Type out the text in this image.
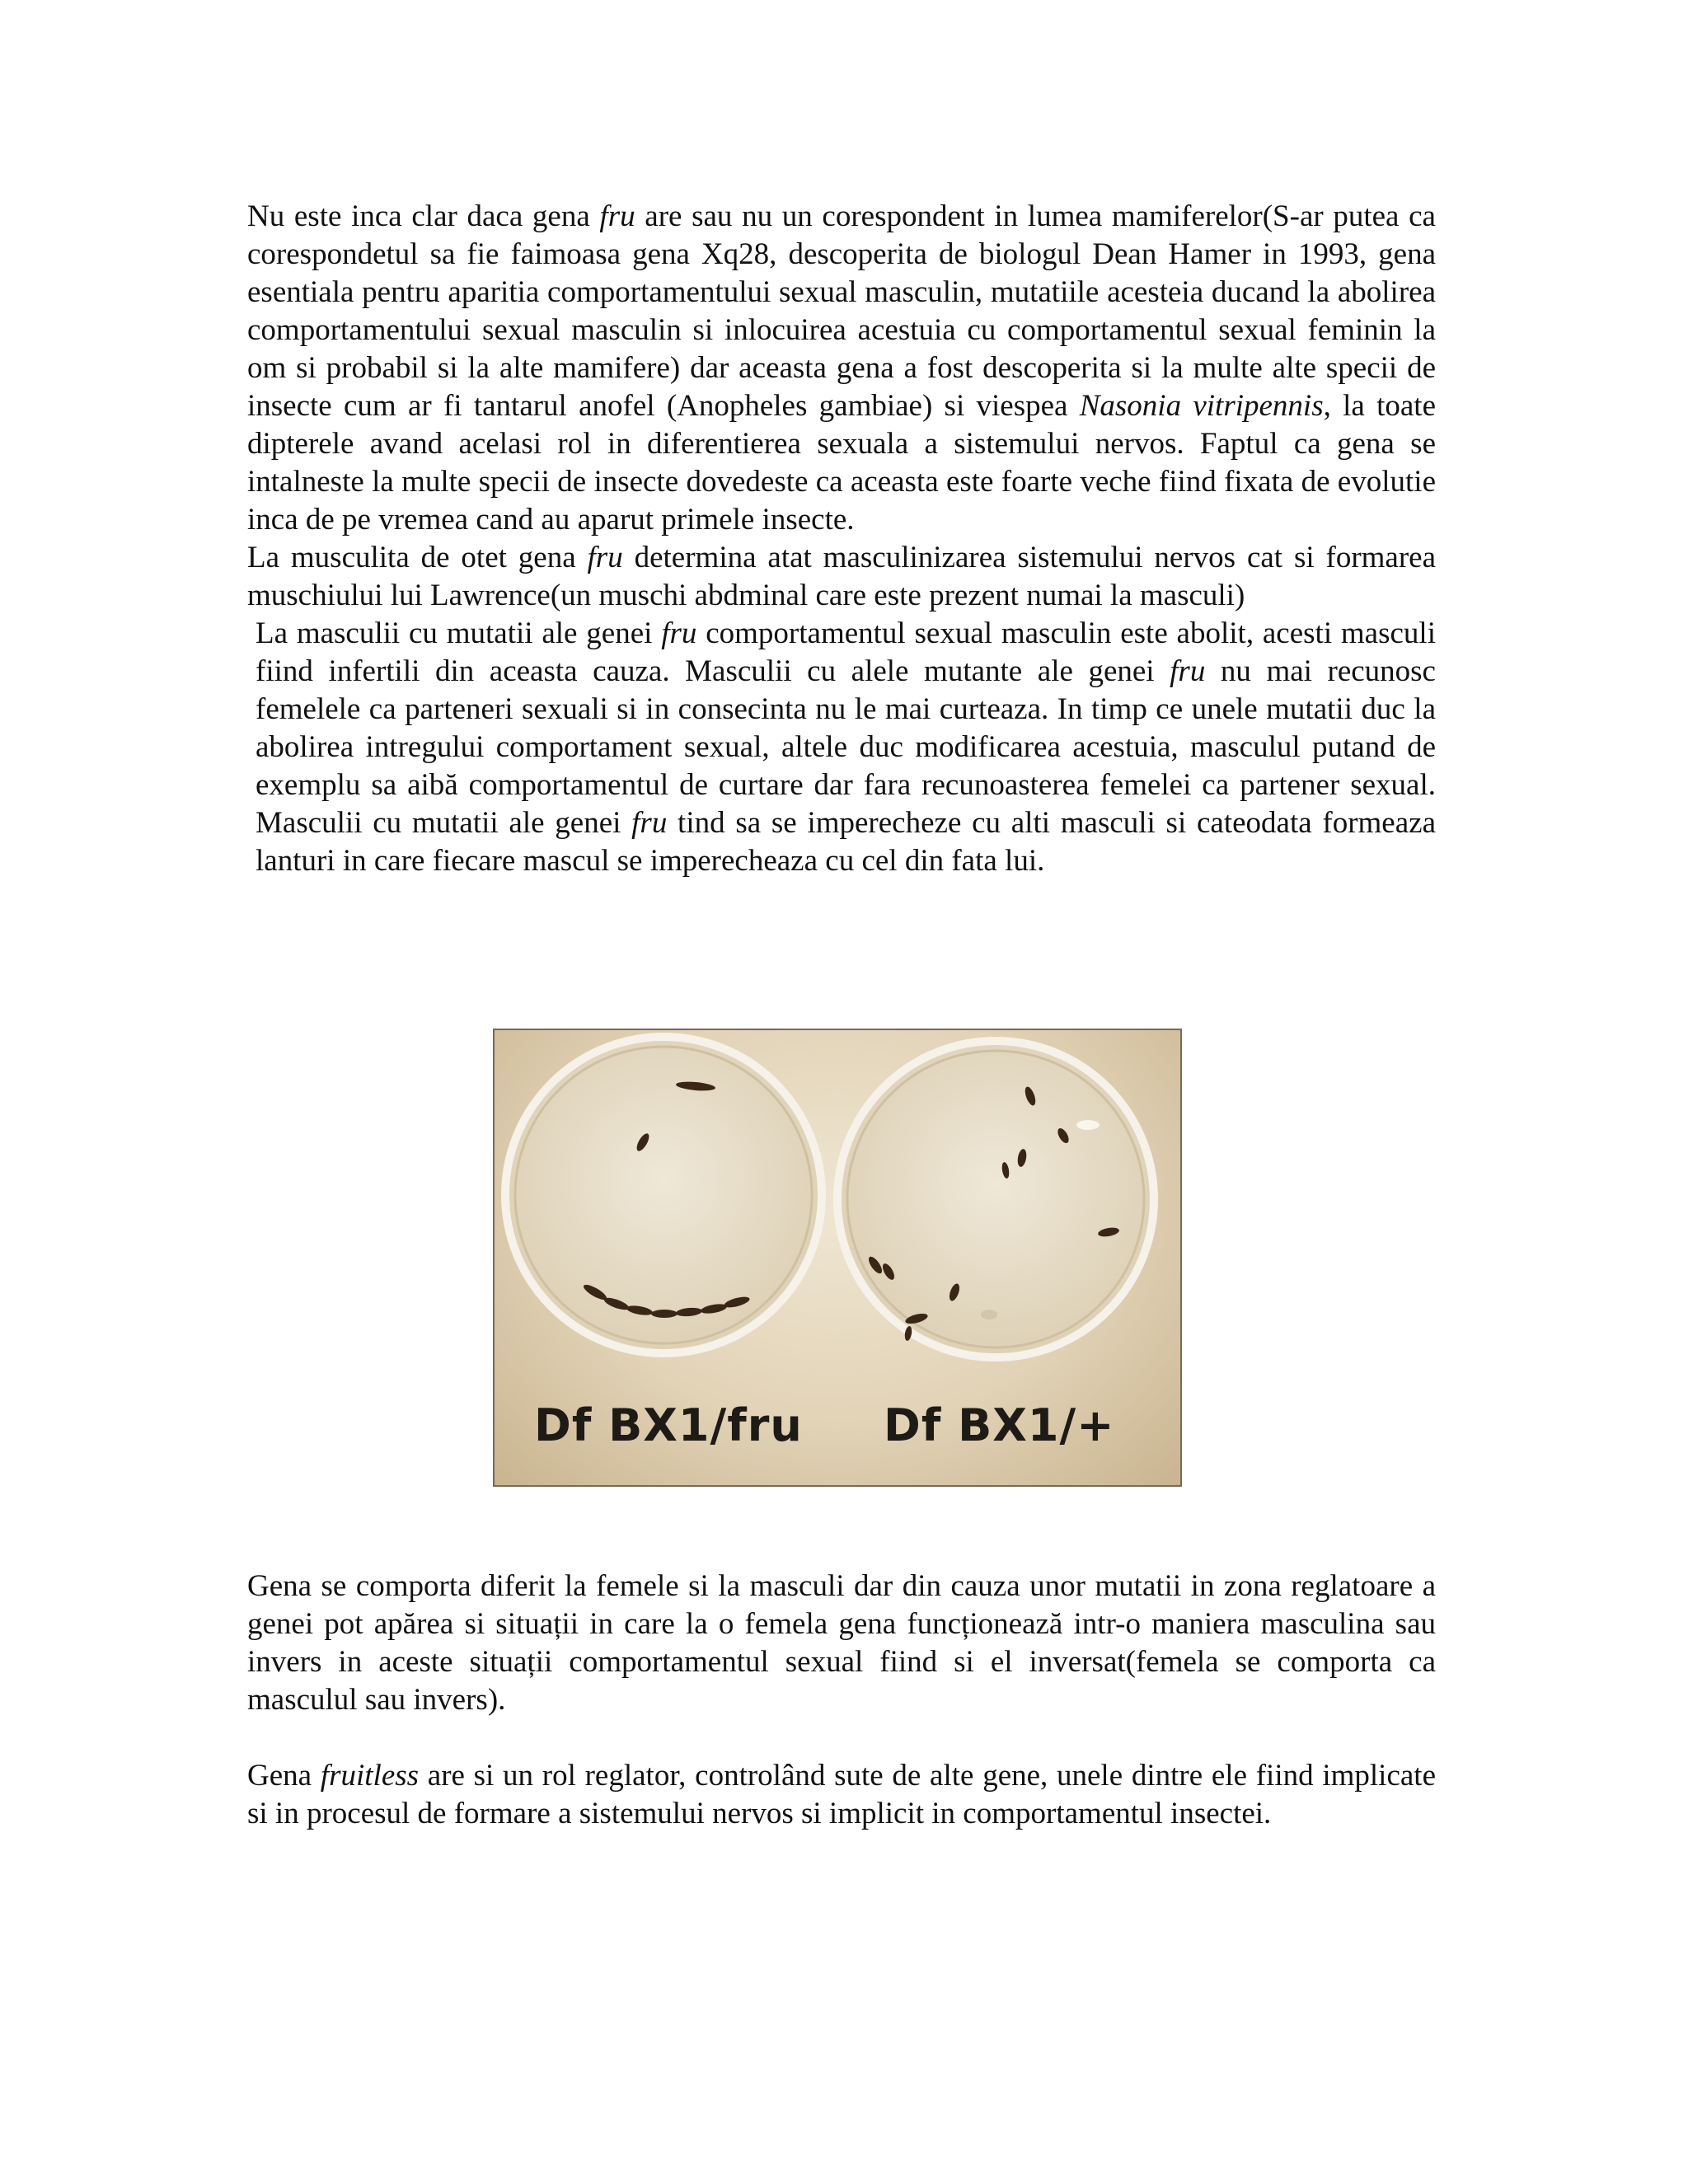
Nu este inca clar daca gena fru are sau nu un corespondent in lumea mamiferelor(S-ar putea ca corespondetul sa fie faimoasa gena Xq28, descoperita de biologul Dean Hamer in 1993, gena esentiala pentru aparitia comportamentului sexual masculin, mutatiile acesteia ducand la abolirea comportamentului sexual masculin si inlocuirea acestuia cu comportamentul sexual feminin la om si probabil si la alte mamifere) dar aceasta gena a fost descoperita si la multe alte specii de insecte cum ar fi tantarul anofel (Anopheles gambiae) si viespea Nasonia vitripennis, la toate dipterele avand acelasi rol in diferentierea sexuala a sistemului nervos. Faptul ca gena se intalneste la multe specii de insecte dovedeste ca aceasta este foarte veche fiind fixata de evolutie inca de pe vremea cand au aparut primele insecte.

La musculita de otet gena fru determina atat masculinizarea sistemului nervos cat si formarea muschiului lui Lawrence(un muschi abdminal care este prezent numai la masculi)

La masculii cu mutatii ale genei fru comportamentul sexual masculin este abolit, acesti masculi fiind infertili din aceasta cauza. Masculii cu alele mutante ale genei fru nu mai recunosc femelele ca parteneri sexuali si in consecinta nu le mai curteaza. In timp ce unele mutatii duc la abolirea intregului comportament sexual, altele duc modificarea acestuia, masculul putand de exemplu sa aibă comportamentul de curtare dar fara recunoasterea femelei ca partener sexual. Masculii cu mutatii ale genei fru tind sa se imperecheze cu alti masculi si cateodata formeaza lanturi in care fiecare mascul se imperecheaza cu cel din fata lui.

Df BX1/fru Df BX1/+

Gena se comporta diferit la femele si la masculi dar din cauza unor mutatii in zona reglatoare a genei pot apărea si situații in care la o femela gena funcționează intr-o maniera masculina sau invers in aceste situații comportamentul sexual fiind si el inversat(femela se comporta ca masculul sau invers).

Gena fruitless are si un rol reglator, controlând sute de alte gene, unele dintre ele fiind implicate si in procesul de formare a sistemului nervos si implicit in comportamentul insectei.
